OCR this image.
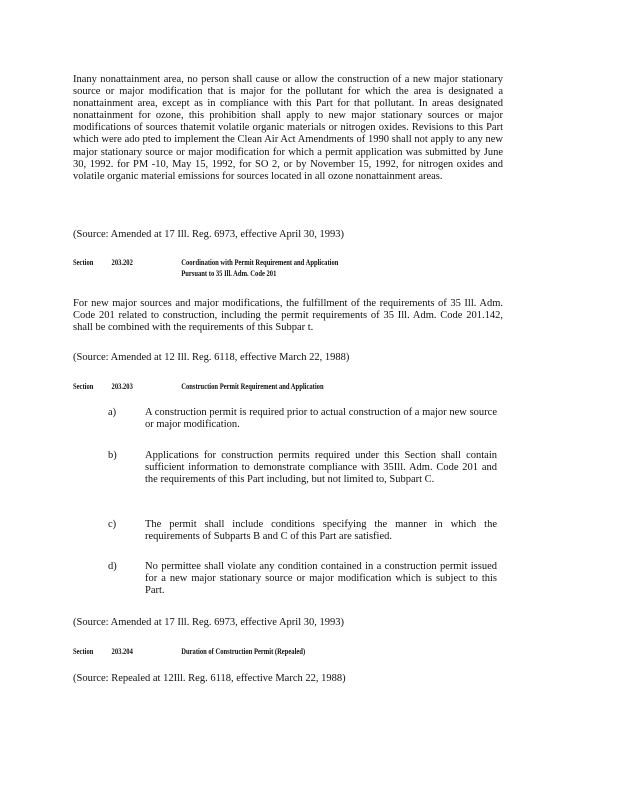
Inany nonattainment area, no person shall cause or allow the construction of a new major stationary source or major modification that is major for the pollutant for which the area is designated a nonattainment area, except as in compliance with this Part for that pollutant. In areas designated nonattainment for ozone, this prohibition shall apply to new major stationary sources or major modifications of sources thatemit volatile organic materials or nitrogen oxides. Revisions to this Part which were ado pted to implement the Clean Air Act Amendments of 1990 shall not apply to any new major stationary source or major modification for which a permit application was submitted by June 30, 1992. for PM -10, May 15, 1992, for SO 2, or by November 15, 1992, for nitrogen oxides and volatile organic material emissions for sources located in all ozone nonattainment areas.
(Source: Amended at 17 Ill. Reg. 6973, effective April 30, 1993)
Section 203.202	Coordination with Permit Requirement and Application
Pursuant to 35 Ill. Adm. Code 201
For new major sources and major modifications, the fulfillment of the requirements of 35 Ill. Adm. Code 201 related to construction, including the permit requirements of 35 Ill. Adm. Code 201.142, shall be combined with the requirements of this Subpar t.
(Source: Amended at 12 Ill. Reg. 6118, effective March 22, 1988)
Section 203.203	Construction Permit Requirement and Application
a)	A construction permit is required prior to actual construction of a major new source or major modification.
b)	Applications for construction permits required under this Section shall contain sufficient information to demonstrate compliance with 35Ill. Adm. Code 201 and the requirements of this Part including, but not limited to, Subpart C.
c)	The permit shall include conditions specifying the manner in which the requirements of Subparts B and C of this Part are satisfied.
d)	No permittee shall violate any condition contained in a construction permit issued for a new major stationary source or major modification which is subject to this Part.
(Source: Amended at 17 Ill. Reg. 6973, effective April 30, 1993)
Section 203.204	Duration of Construction Permit (Repealed)
(Source: Repealed at 12Ill. Reg. 6118, effective March 22, 1988)
